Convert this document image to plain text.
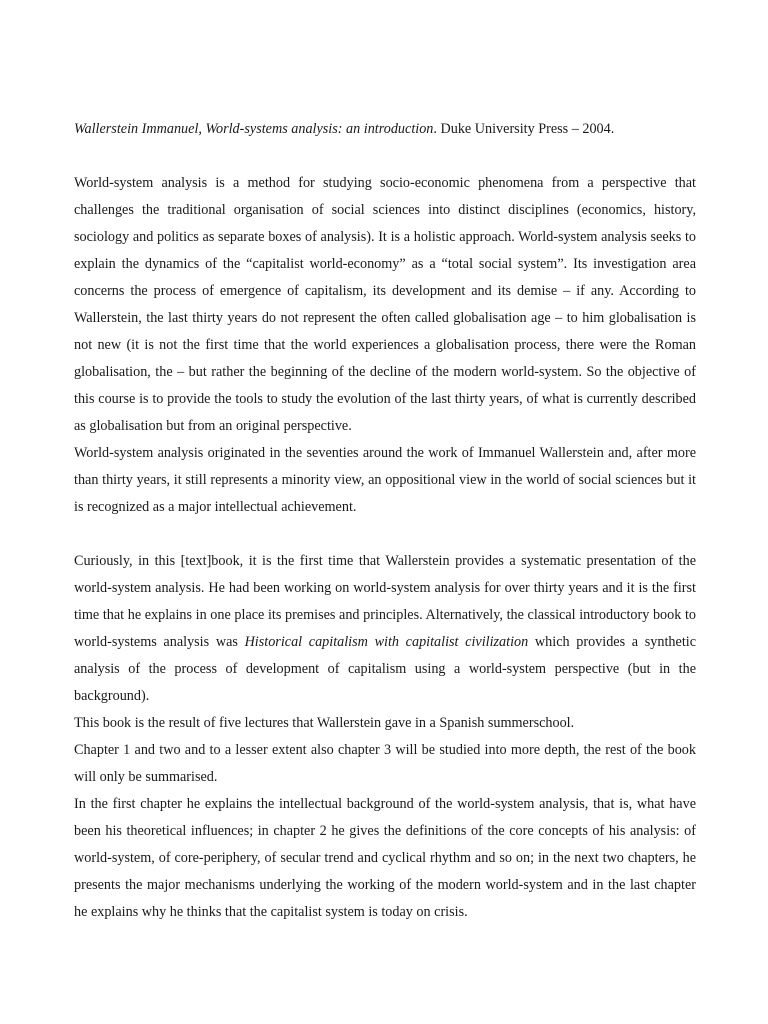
Wallerstein Immanuel, World-systems analysis: an introduction. Duke University Press – 2004.

World-system analysis is a method for studying socio-economic phenomena from a perspective that challenges the traditional organisation of social sciences into distinct disciplines (economics, history, sociology and politics as separate boxes of analysis). It is a holistic approach. World-system analysis seeks to explain the dynamics of the “capitalist world-economy” as a “total social system”. Its investigation area concerns the process of emergence of capitalism, its development and its demise – if any. According to Wallerstein, the last thirty years do not represent the often called globalisation age – to him globalisation is not new (it is not the first time that the world experiences a globalisation process, there were the Roman globalisation, the – but rather the beginning of the decline of the modern world-system. So the objective of this course is to provide the tools to study the evolution of the last thirty years, of what is currently described as globalisation but from an original perspective.

World-system analysis originated in the seventies around the work of Immanuel Wallerstein and, after more than thirty years, it still represents a minority view, an oppositional view in the world of social sciences but it is recognized as a major intellectual achievement.

Curiously, in this [text]book, it is the first time that Wallerstein provides a systematic presentation of the world-system analysis. He had been working on world-system analysis for over thirty years and it is the first time that he explains in one place its premises and principles. Alternatively, the classical introductory book to world-systems analysis was Historical capitalism with capitalist civilization which provides a synthetic analysis of the process of development of capitalism using a world-system perspective (but in the background).

This book is the result of five lectures that Wallerstein gave in a Spanish summerschool.

Chapter 1 and two and to a lesser extent also chapter 3 will be studied into more depth, the rest of the book will only be summarised.

In the first chapter he explains the intellectual background of the world-system analysis, that is, what have been his theoretical influences; in chapter 2 he gives the definitions of the core concepts of his analysis: of world-system, of core-periphery, of secular trend and cyclical rhythm and so on; in the next two chapters, he presents the major mechanisms underlying the working of the modern world-system and in the last chapter he explains why he thinks that the capitalist system is today on crisis.
